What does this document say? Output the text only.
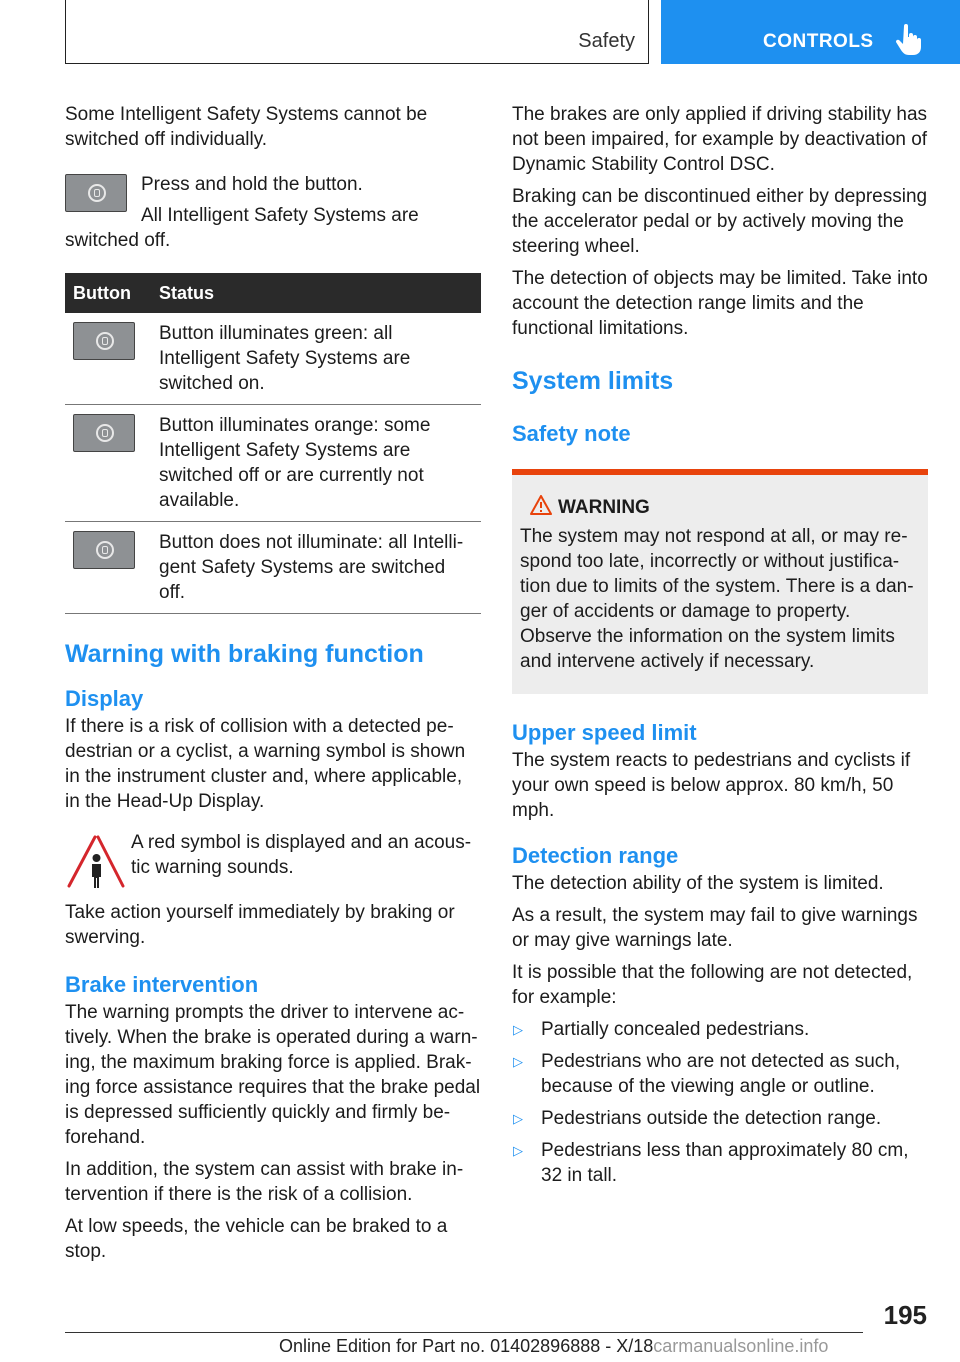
Safety	CONTROLS

Some Intelligent Safety Systems cannot be switched off individually.

Press and hold the button.

All Intelligent Safety Systems are switched off.

Button	Status

	Button illuminates green: all Intelligent Safety Systems are switched on.

	Button illuminates orange: some Intelligent Safety Systems are switched off or are currently not available.

	Button does not illuminate: all Intelligent Safety Systems are switched off.
Warning with braking function
Display

If there is a risk of collision with a detected pedestrian or a cyclist, a warning symbol is shown in the instrument cluster and, where applicable, in the Head-Up Display.

A red symbol is displayed and an acoustic warning sounds.

Take action yourself immediately by braking or swerving.

Brake intervention

The warning prompts the driver to intervene actively. When the brake is operated during a warning, the maximum braking force is applied. Braking force assistance requires that the brake pedal is depressed sufficiently quickly and firmly beforehand.

In addition, the system can assist with brake intervention if there is the risk of a collision.

At low speeds, the vehicle can be braked to a stop.

The brakes are only applied if driving stability has not been impaired, for example by deactivation of Dynamic Stability Control DSC.

Braking can be discontinued either by depressing the accelerator pedal or by actively moving the steering wheel.

The detection of objects may be limited. Take into account the detection range limits and the functional limitations.

System limits
Safety note
WARNING

The system may not respond at all, or may respond too late, incorrectly or without justification due to limits of the system. There is a danger of accidents or damage to property. Observe the information on the system limits and intervene actively if necessary.

Upper speed limit

The system reacts to pedestrians and cyclists if your own speed is below approx. 80 km/h, 50 mph.

Detection range

The detection ability of the system is limited.

As a result, the system may fail to give warnings or may give warnings late.

It is possible that the following are not detected, for example:

▷ Partially concealed pedestrians.
▷ Pedestrians who are not detected as such, because of the viewing angle or outline.
▷ Pedestrians outside the detection range.
▷ Pedestrians less than approximately 80 cm, 32 in tall.
195
Online Edition for Part no. 01402896888 - X/18carmanualsonline.info
